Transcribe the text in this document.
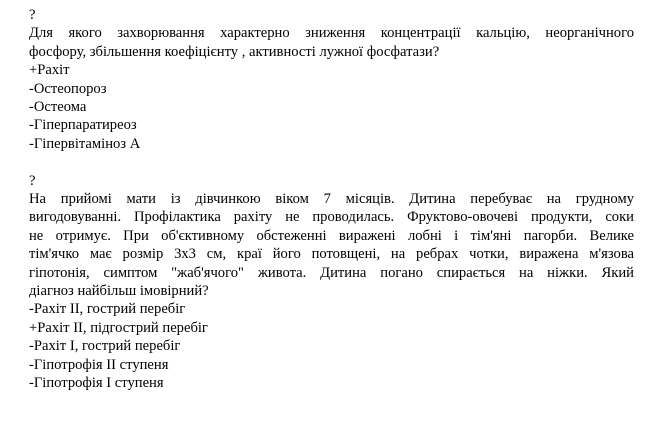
?
Для якого захворювання характерно зниження концентрації кальцію, неорганічного
фосфору, збільшення коефіцієнту , активності лужної фосфатази?
+Рахіт
-Остеопороз
-Остеома
-Гіперпаратиреоз
-Гіпервітаміноз А
?
На прийомі мати із дівчинкою віком 7 місяців. Дитина перебуває на грудному
вигодовуванні. Профілактика рахіту не проводилась. Фруктово-овочеві продукти, соки
не отримує. При об'єктивному обстеженні виражені лобні і тім'яні пагорби. Велике
тім'ячко має розмір 3х3 см, краї його потовщені, на ребрах чотки, виражена м'язова
гіпотонія, симптом "жаб'ячого" живота. Дитина погано спирається на ніжки. Який
діагноз найбільш імовірний?
-Рахіт ІІ, гострий перебіг
+Рахіт ІІ, підгострий перебіг
-Рахіт І, гострий перебіг
-Гіпотрофія ІІ ступеня
-Гіпотрофія І ступеня
